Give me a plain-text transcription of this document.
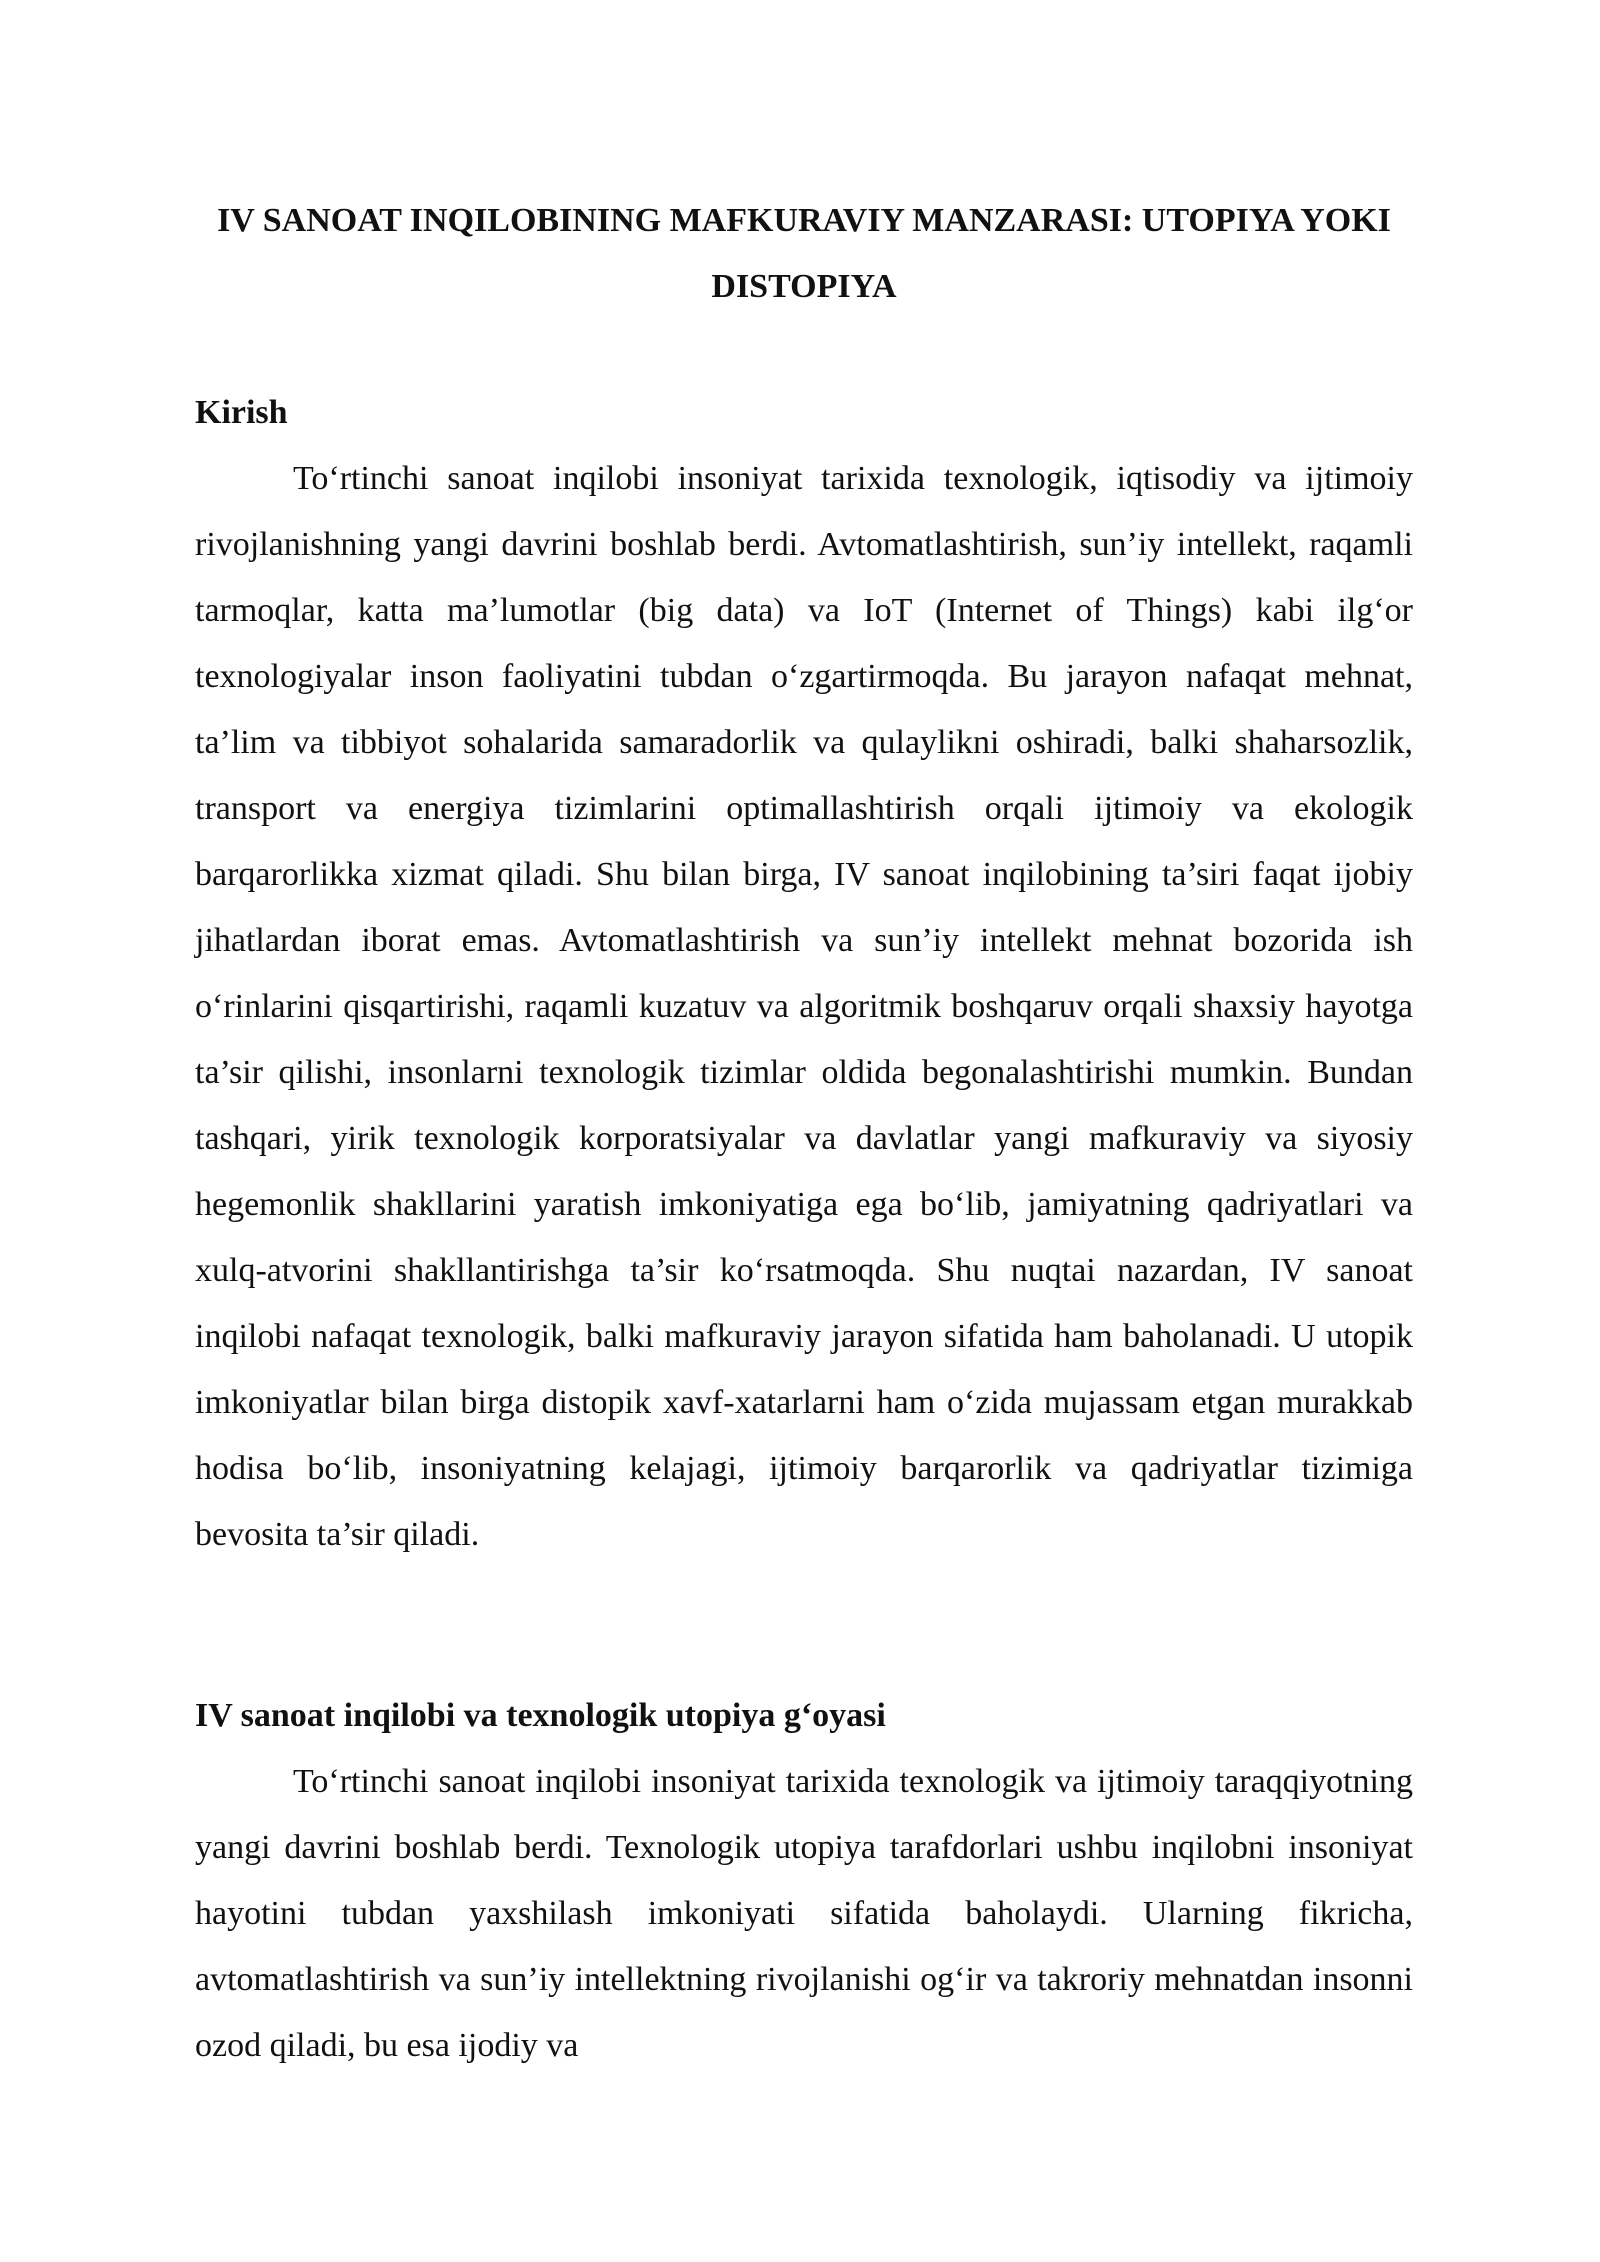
IV SANOAT INQILOBINING MAFKURAVIY MANZARASI: UTOPIYA YOKI DISTOPIYA
Kirish

To‘rtinchi sanoat inqilobi insoniyat tarixida texnologik, iqtisodiy va ijtimoiy rivojlanishning yangi davrini boshlab berdi. Avtomatlashtirish, sun’iy intellekt, raqamli tarmoqlar, katta ma’lumotlar (big data) va IoT (Internet of Things) kabi ilg‘or texnologiyalar inson faoliyatini tubdan o‘zgartirmoqda. Bu jarayon nafaqat mehnat, ta’lim va tibbiyot sohalarida samaradorlik va qulaylikni oshiradi, balki shaharsozlik, transport va energiya tizimlarini optimallashtirish orqali ijtimoiy va ekologik barqarorlikka xizmat qiladi. Shu bilan birga, IV sanoat inqilobining ta’siri faqat ijobiy jihatlardan iborat emas. Avtomatlashtirish va sun’iy intellekt mehnat bozorida ish o‘rinlarini qisqartirishi, raqamli kuzatuv va algoritmik boshqaruv orqali shaxsiy hayotga ta’sir qilishi, insonlarni texnologik tizimlar oldida begonalashtirishi mumkin. Bundan tashqari, yirik texnologik korporatsiyalar va davlatlar yangi mafkuraviy va siyosiy hegemonlik shakllarini yaratish imkoniyatiga ega bo‘lib, jamiyatning qadriyatlari va xulq-atvorini shakllantirishga ta’sir ko‘rsatmoqda. Shu nuqtai nazardan, IV sanoat inqilobi nafaqat texnologik, balki mafkuraviy jarayon sifatida ham baholanadi. U utopik imkoniyatlar bilan birga distopik xavf-xatarlarni ham o‘zida mujassam etgan murakkab hodisa bo‘lib, insoniyatning kelajagi, ijtimoiy barqarorlik va qadriyatlar tizimiga bevosita ta’sir qiladi.

IV sanoat inqilobi va texnologik utopiya g‘oyasi

To‘rtinchi sanoat inqilobi insoniyat tarixida texnologik va ijtimoiy taraqqiyotning yangi davrini boshlab berdi. Texnologik utopiya tarafdorlari ushbu inqilobni insoniyat hayotini tubdan yaxshilash imkoniyati sifatida baholaydi. Ularning fikricha, avtomatlashtirish va sun’iy intellektning rivojlanishi og‘ir va takroriy mehnatdan insonni ozod qiladi, bu esa ijodiy va
